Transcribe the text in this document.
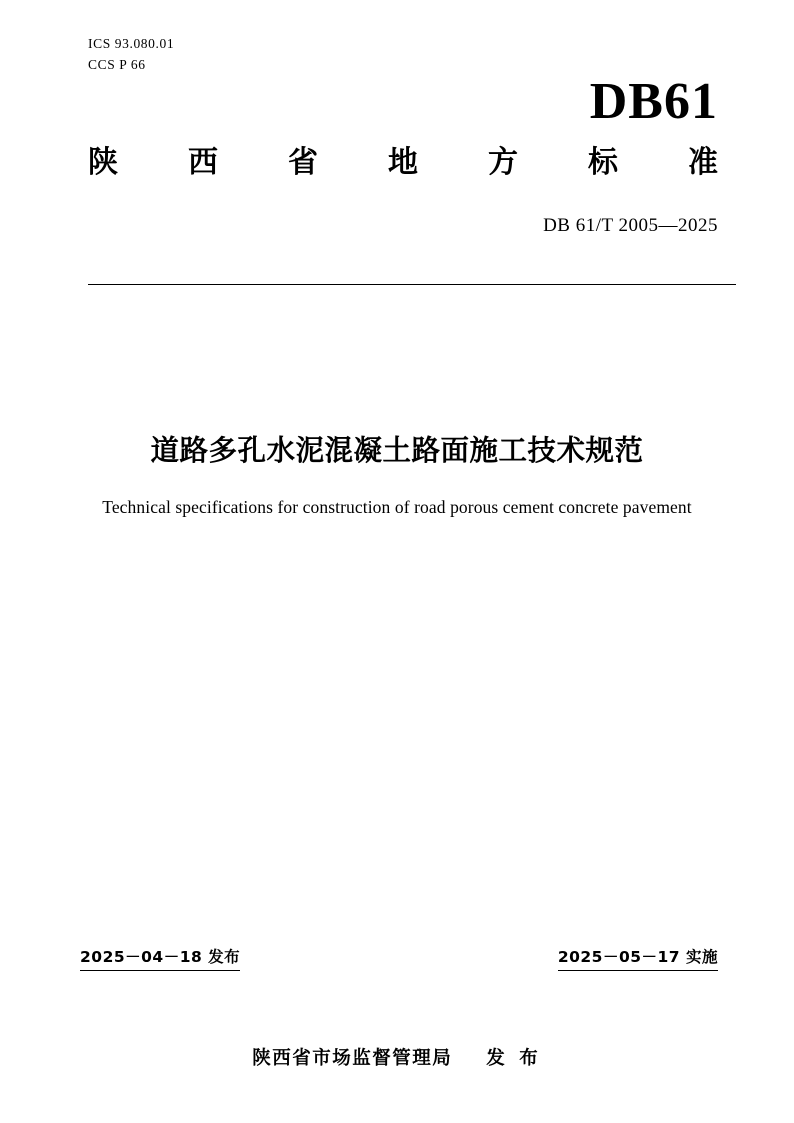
ICS 93.080.01
CCS P 66
DB61
陕 西 省 地 方 标 准
DB 61/T 2005—2025
道路多孔水泥混凝土路面施工技术规范
Technical specifications for construction of road porous cement concrete pavement
2025－04－18 发布	2025－05－17 实施
陕西省市场监督管理局 发 布
